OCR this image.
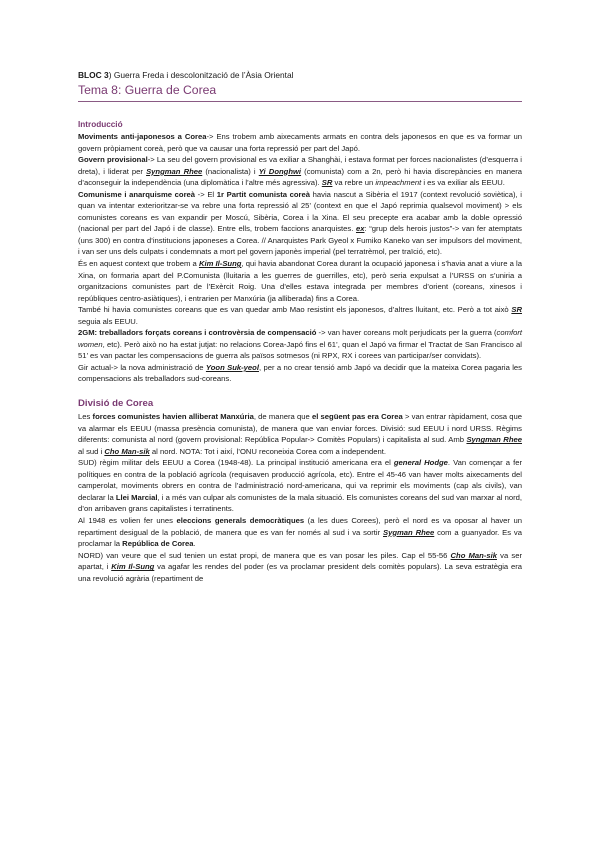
BLOC 3) Guerra Freda i descolonització de l’Àsia Oriental
Tema 8: Guerra de Corea
Introducció

Moviments anti-japonesos a Corea-> Ens trobem amb aixecaments armats en contra dels japonesos en que es va formar un govern pròpiament coreà, però que va causar una forta repressió per part del Japó.

Govern provisional-> La seu del govern provisional es va exiliar a Shanghài, i estava format per forces nacionalistes (d’esquerra i dreta), i liderat per Syngman Rhee (nacionalista) i Yi Donghwi (comunista) com a 2n, però hi havia discrepàncies en manera d’aconseguir la independència (una diplomàtica i l’altre més agressiva). SR va rebre un impeachment i es va exiliar als EEUU.

Comunisme i anarquisme coreà -> El 1r Partit comunista coreà havia nascut a Sibèria el 1917 (context revolució soviètica), i quan va intentar exterioritzar-se va rebre una forta repressió al 25’ (context en que el Japó reprimia qualsevol moviment) > els comunistes coreans es van expandir per Moscú, Sibèria, Corea i la Xina. El seu precepte era acabar amb la doble opressió (nacional per part del Japó i de classe). Entre ells, trobem faccions anarquistes. ex: “grup dels herois justos”-> van fer atemptats (uns 300) en contra d’institucions japoneses a Corea. // Anarquistes Park Gyeol x Fumiko Kaneko van ser impulsors del moviment, i van ser uns dels culpats i condemnats a mort pel govern japonès imperial (pel terratrèmol, per traïció, etc).

És en aquest context que trobem a Kim Il-Sung, qui havia abandonat Corea durant la ocupació japonesa i s’havia anat a viure a la Xina, on formaria apart del P.Comunista (lluitaria a les guerres de guerrilles, etc), però seria expulsat a l’URSS on s’uniria a organitzacions comunistes part de l’Exèrcit Roig. Una d’elles estava integrada per membres d’orient (coreans, xinesos i repúbliques centro-asiàtiques), i entrarien per Manxúria (ja alliberada) fins a Corea.

També hi havia comunistes coreans que es van quedar amb Mao resistint els japonesos, d’altres lluitant, etc. Però a tot això SR seguia als EEUU.

2GM: treballadors forçats coreans i controvèrsia de compensació -> van haver coreans molt perjudicats per la guerra (comfort women, etc). Però això no ha estat jutjat: no relacions Corea-Japó fins el 61’, quan el Japó va firmar el Tractat de San Francisco al 51’ es van pactar les compensacions de guerra als països sotmesos (ni RPX, RX i corees van participar/ser convidats).

Gir actual-> la nova administració de Yoon Suk-yeol, per a no crear tensió amb Japó va decidir que la mateixa Corea pagaria les compensacions als treballadors sud-coreans.

Divisió de Corea

Les forces comunistes havien alliberat Manxúria, de manera que el següent pas era Corea > van entrar ràpidament, cosa que va alarmar els EEUU (massa presència comunista), de manera que van enviar forces. Divisió: sud EEUU i nord URSS. Règims diferents: comunista al nord (govern provisional: República Popular-> Comitès Populars) i capitalista al sud. Amb Syngman Rhee al sud i Cho Man-sik al nord. NOTA: Tot i així, l’ONU reconeixia Corea com a independent.

SUD) règim militar dels EEUU a Corea (1948-48). La principal institució americana era el general Hodge. Van començar a fer polítiques en contra de la població agrícola (requisaven producció agrícola, etc). Entre el 45-46 van haver molts aixecaments del camperolat, moviments obrers en contra de l’administració nord-americana, qui va reprimir els moviments (cap als civils), van declarar la Llei Marcial, i a més van culpar als comunistes de la mala situació. Els comunistes coreans del sud van marxar al nord, d’on arribaven grans capitalistes i terratinents.

Al 1948 es volien fer unes eleccions generals democràtiques (a les dues Corees), però el nord es va oposar al haver un repartiment desigual de la població, de manera que es van fer només al sud i va sortir Sygman Rhee com a guanyador. Es va proclamar la República de Corea.

NORD) van veure que el sud tenien un estat propi, de manera que es van posar les piles. Cap el 55-56 Cho Man-sik va ser apartat, i Kim Il-Sung va agafar les rendes del poder (es va proclamar president dels comitès populars). La seva estratègia era una revolució agrària (repartiment de
